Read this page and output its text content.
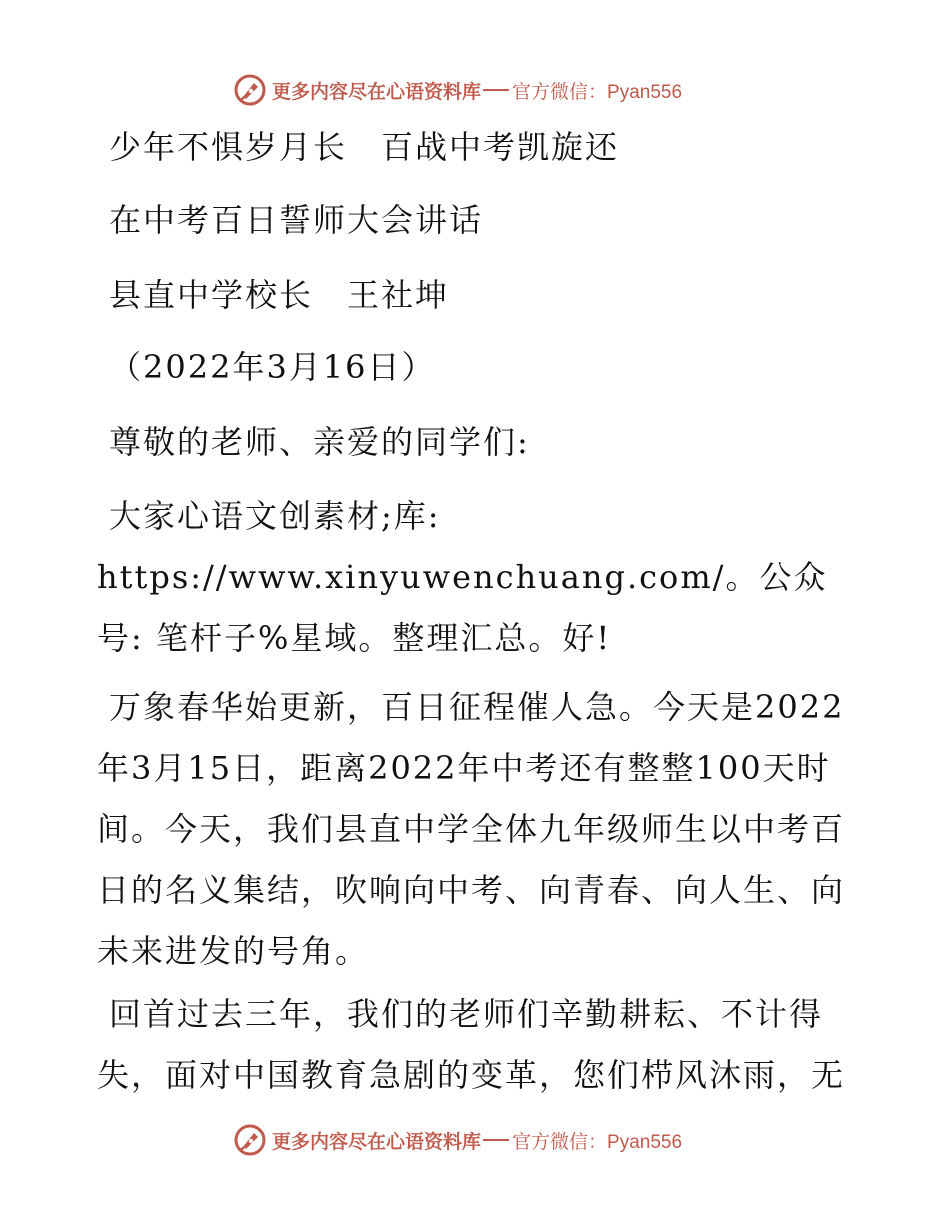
更多内容尽在心语资料库 官方微信：Pyan556
少年不惧岁月长　百战中考凯旋还
在中考百日誓师大会讲话
县直中学校长　王社坤
（2022年3月16日）
尊敬的老师、亲爱的同学们:
大家心语文创素材;库: https://www.xinyuwenchuang.com/。公众号: 笔杆子%星域。整理汇总。好!
万象春华始更新，百日征程催人急。今天是2022年3月15日，距离2022年中考还有整整100天时间。今天，我们县直中学全体九年级师生以中考百日的名义集结，吹响向中考、向青春、向人生、向未来进发的号角。
回首过去三年，我们的老师们辛勤耕耘、不计得失，面对中国教育急剧的变革，您们栉风沐雨，无
更多内容尽在心语资料库 官方微信：Pyan556
